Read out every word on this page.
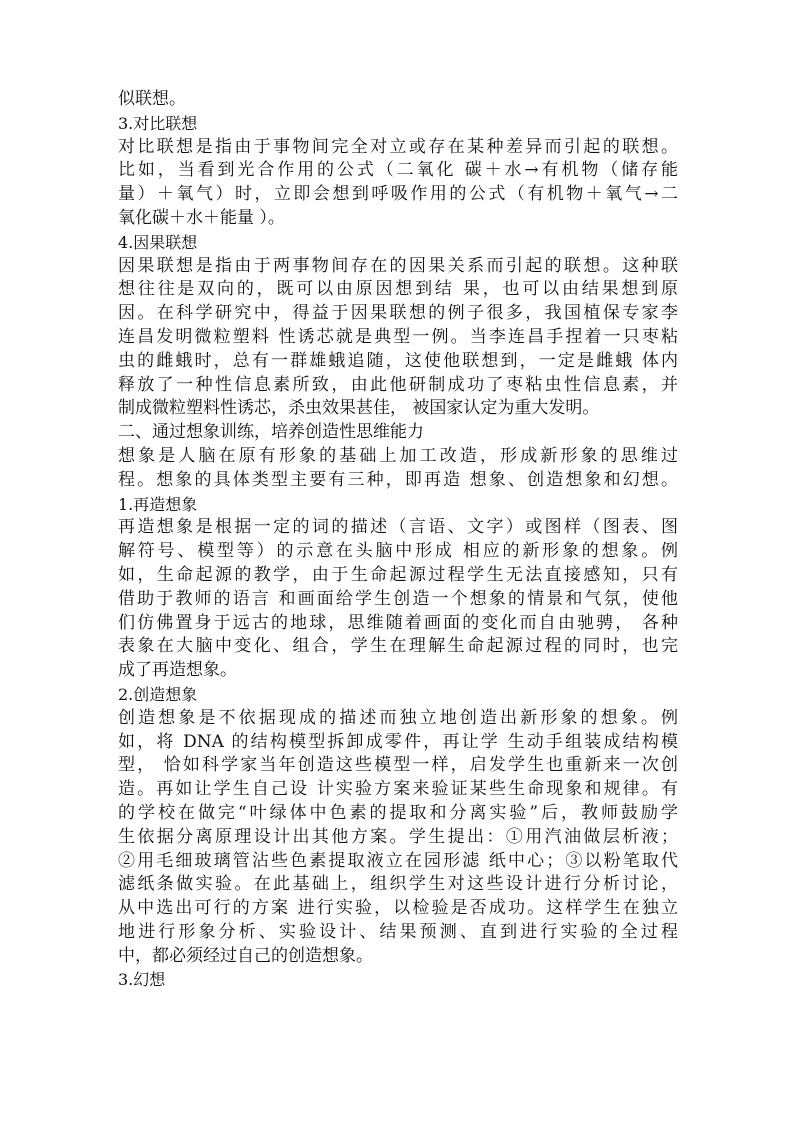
似联想。
3.对比联想
对比联想是指由于事物间完全对立或存在某种差异而引起的联想。
比如，当看到光合作用的公式（二氧化 碳＋水→有机物（储存能
量）＋氧气）时，立即会想到呼吸作用的公式（有机物＋氧气→二
氧化碳＋水＋能量 ）。
4.因果联想
因果联想是指由于两事物间存在的因果关系而引起的联想。这种联
想往往是双向的，既可以由原因想到结 果，也可以由结果想到原
因。在科学研究中，得益于因果联想的例子很多，我国植保专家李
连昌发明微粒塑料 性诱芯就是典型一例。当李连昌手捏着一只枣粘
虫的雌蛾时，总有一群雄蛾追随，这使他联想到，一定是雌蛾 体内
释放了一种性信息素所致，由此他研制成功了枣粘虫性信息素，并
制成微粒塑料性诱芯，杀虫效果甚佳， 被国家认定为重大发明。
二、通过想象训练，培养创造性思维能力
想象是人脑在原有形象的基础上加工改造，形成新形象的思维过
程。想象的具体类型主要有三种，即再造 想象、创造想象和幻想。
1.再造想象
再造想象是根据一定的词的描述（言语、文字）或图样（图表、图
解符号、模型等）的示意在头脑中形成 相应的新形象的想象。例
如，生命起源的教学，由于生命起源过程学生无法直接感知，只有
借助于教师的语言 和画面给学生创造一个想象的情景和气氛，使他
们仿佛置身于远古的地球，思维随着画面的变化而自由驰骋， 各种
表象在大脑中变化、组合，学生在理解生命起源过程的同时，也完
成了再造想象。
2.创造想象
创造想象是不依据现成的描述而独立地创造出新形象的想象。例
如，将 DNA 的结构模型拆卸成零件，再让学 生动手组装成结构模
型， 恰如科学家当年创造这些模型一样，启发学生也重新来一次创
造。再如让学生自己设 计实验方案来验证某些生命现象和规律。有
的学校在做完“叶绿体中色素的提取和分离实验”后，教师鼓励学
生依据分离原理设计出其他方案。学生提出：①用汽油做层析液；
②用毛细玻璃管沾些色素提取液立在园形滤 纸中心；③以粉笔取代
滤纸条做实验。在此基础上，组织学生对这些设计进行分析讨论，
从中选出可行的方案 进行实验，以检验是否成功。这样学生在独立
地进行形象分析、实验设计、结果预测、直到进行实验的全过程
中，都必须经过自己的创造想象。
3.幻想
